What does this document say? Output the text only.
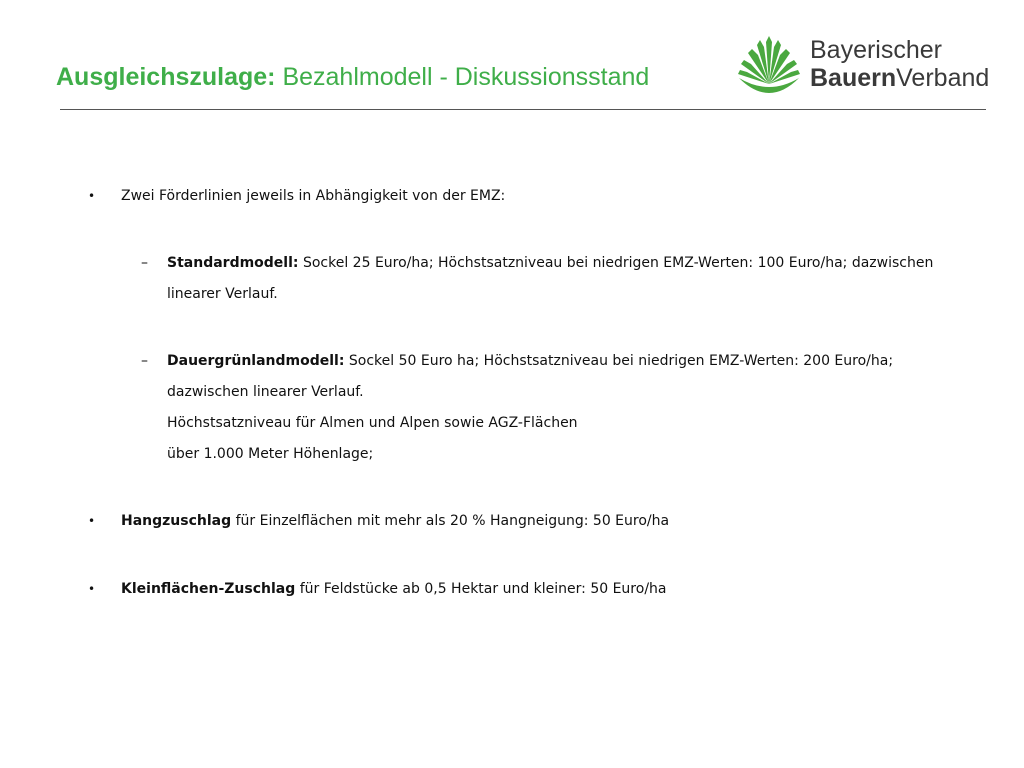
Ausgleichszulage: Bezahlmodell - Diskussionsstand
Bayerischer
BauernVerband
• Zwei Förderlinien jeweils in Abhängigkeit von der EMZ:
– Standardmodell: Sockel 25 Euro/ha; Höchstsatzniveau bei niedrigen EMZ-Werten: 100 Euro/ha; dazwischen
linearer Verlauf.
– Dauergrünlandmodell: Sockel 50 Euro ha; Höchstsatzniveau bei niedrigen EMZ-Werten: 200 Euro/ha;
dazwischen linearer Verlauf.
Höchstsatzniveau für Almen und Alpen sowie AGZ-Flächen
über 1.000 Meter Höhenlage;
• Hangzuschlag für Einzelflächen mit mehr als 20 % Hangneigung: 50 Euro/ha
• Kleinflächen-Zuschlag für Feldstücke ab 0,5 Hektar und kleiner: 50 Euro/ha
